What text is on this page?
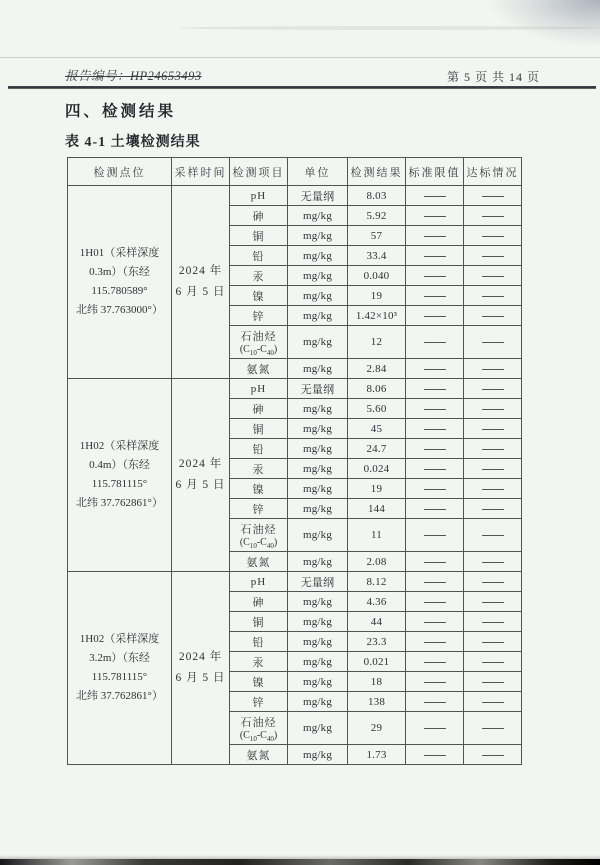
报告编号：HP24653493	第 5 页 共 14 页
四、检测结果
表 4-1 土壤检测结果
检测点位	采样时间	检测项目	单位	检测结果	标准限值	达标情况

1H01（采样深度
0.3m）（东经
115.780589°
北纬 37.763000°）

2024 年
6 月 5 日

pH	无量纲	8.03	——	——

		砷	mg/kg	5.92	——	——

		铜	mg/kg	57	——	——

		铅	mg/kg	33.4	——	——

		汞	mg/kg	0.040	——	——

		镍	mg/kg	19	——	——

		锌	mg/kg	1.42×10³	——	——

		石油烃
$(C_{10}-C_{40})$	mg/kg	12	——	——

		氨氮	mg/kg	2.84	——	——

1H02（采样深度
0.4m）（东经
115.781115°
北纬 37.762861°）

2024 年
6 月 5 日

pH	无量纲	8.06	——	——

		砷	mg/kg	5.60	——	——

		铜	mg/kg	45	——	——

		铅	mg/kg	24.7	——	——

		汞	mg/kg	0.024	——	——

		镍	mg/kg	19	——	——

		锌	mg/kg	144	——	——

		石油烃
$(C_{10}-C_{40})$	mg/kg	11	——	——

		氨氮	mg/kg	2.08	——	——

1H02（采样深度
3.2m）（东经
115.781115°
北纬 37.762861°）

2024 年
6 月 5 日

pH	无量纲	8.12	——	——

		砷	mg/kg	4.36	——	——

		铜	mg/kg	44	——	——

		铅	mg/kg	23.3	——	——

		汞	mg/kg	0.021	——	——

		镍	mg/kg	18	——	——

		锌	mg/kg	138	——	——

		石油烃
$(C_{10}-C_{40})$	mg/kg	29	——	——

		氨氮	mg/kg	1.73	——	——
